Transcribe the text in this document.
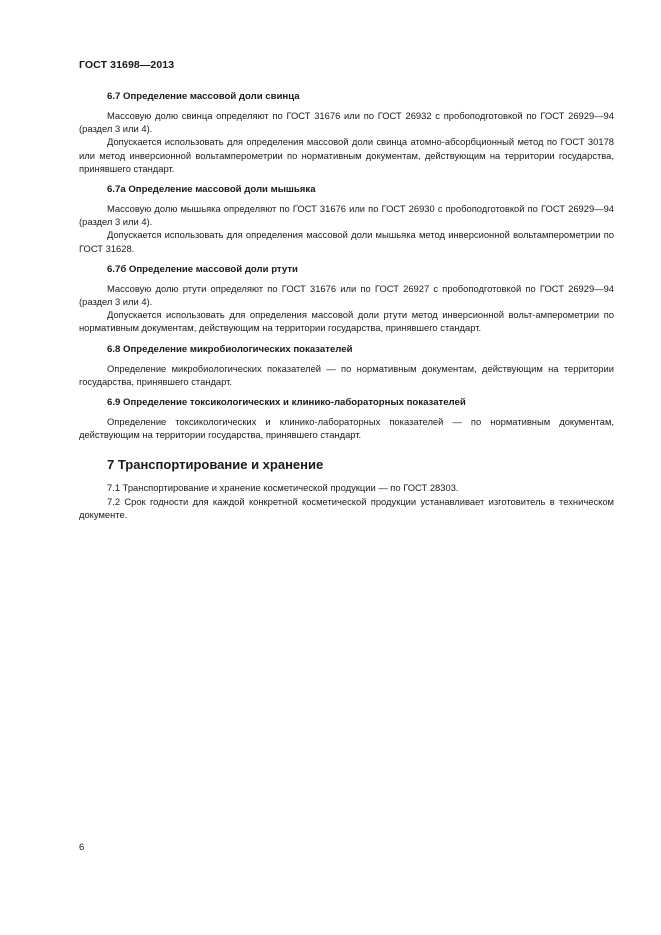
ГОСТ 31698—2013
6.7 Определение массовой доли свинца

Массовую долю свинца определяют по ГОСТ 31676 или по ГОСТ 26932 с пробоподготовкой по ГОСТ 26929—94 (раздел 3 или 4).

Допускается использовать для определения массовой доли свинца атомно-абсорбционный метод по ГОСТ 30178 или метод инверсионной вольтамперометрии по нормативным документам, действующим на территории государства, принявшего стандарт.

6.7а Определение массовой доли мышьяка

Массовую долю мышьяка определяют по ГОСТ 31676 или по ГОСТ 26930 с пробоподготовкой по ГОСТ 26929—94 (раздел 3 или 4).

Допускается использовать для определения массовой доли мышьяка метод инверсионной вольтамперометрии по ГОСТ 31628.

6.7б Определение массовой доли ртути

Массовую долю ртути определяют по ГОСТ 31676 или по ГОСТ 26927 с пробоподготовкой по ГОСТ 26929—94 (раздел 3 или 4).

Допускается использовать для определения массовой доли ртути метод инверсионной вольт-амперометрии по нормативным документам, действующим на территории государства, принявшего стандарт.

6.8 Определение микробиологических показателей

Определение микробиологических показателей — по нормативным документам, действующим на территории государства, принявшего стандарт.

6.9 Определение токсикологических и клинико-лабораторных показателей

Определение токсикологических и клинико-лабораторных показателей — по нормативным документам, действующим на территории государства, принявшего стандарт.

7 Транспортирование и хранение

7.1 Транспортирование и хранение косметической продукции — по ГОСТ 28303.

7.2 Срок годности для каждой конкретной косметической продукции устанавливает изготовитель в техническом документе.

6
